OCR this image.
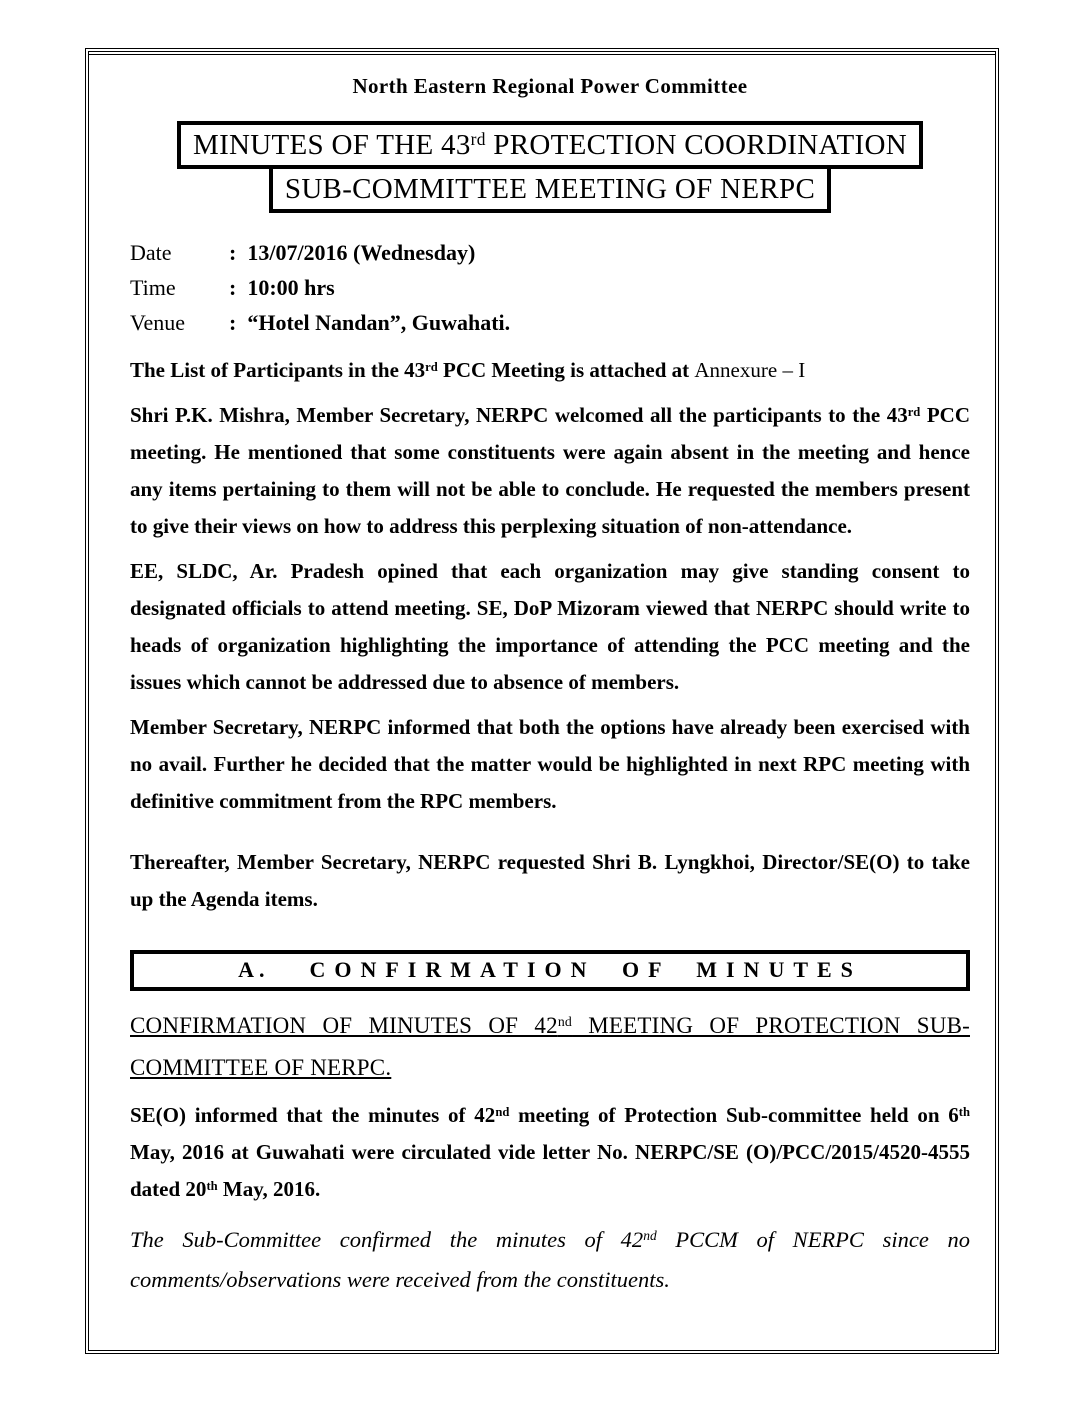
North Eastern Regional Power Committee
MINUTES OF THE 43rd PROTECTION COORDINATION
SUB-COMMITTEE MEETING OF NERPC
Date	: 13/07/2016 (Wednesday)
Time	: 10:00 hrs
Venue	: “Hotel Nandan”, Guwahati.

The List of Participants in the 43rd PCC Meeting is attached at Annexure – I

Shri P.K. Mishra, Member Secretary, NERPC welcomed all the participants to the 43rd PCC meeting. He mentioned that some constituents were again absent in the meeting and hence any items pertaining to them will not be able to conclude. He requested the members present to give their views on how to address this perplexing situation of non-attendance.

EE, SLDC, Ar. Pradesh opined that each organization may give standing consent to designated officials to attend meeting. SE, DoP Mizoram viewed that NERPC should write to heads of organization highlighting the importance of attending the PCC meeting and the issues which cannot be addressed due to absence of members.

Member Secretary, NERPC informed that both the options have already been exercised with no avail. Further he decided that the matter would be highlighted in next RPC meeting with definitive commitment from the RPC members.

Thereafter, Member Secretary, NERPC requested Shri B. Lyngkhoi, Director/SE(O) to take up the Agenda items.

A. CONFIRMATION OF MINUTES

CONFIRMATION OF MINUTES OF 42nd MEETING OF PROTECTION SUB-COMMITTEE OF NERPC.

SE(O) informed that the minutes of 42nd meeting of Protection Sub-committee held on 6th May, 2016 at Guwahati were circulated vide letter No. NERPC/SE (O)/PCC/2015/4520-4555 dated 20th May, 2016.

The Sub-Committee confirmed the minutes of 42nd PCCM of NERPC since no comments/observations were received from the constituents.
